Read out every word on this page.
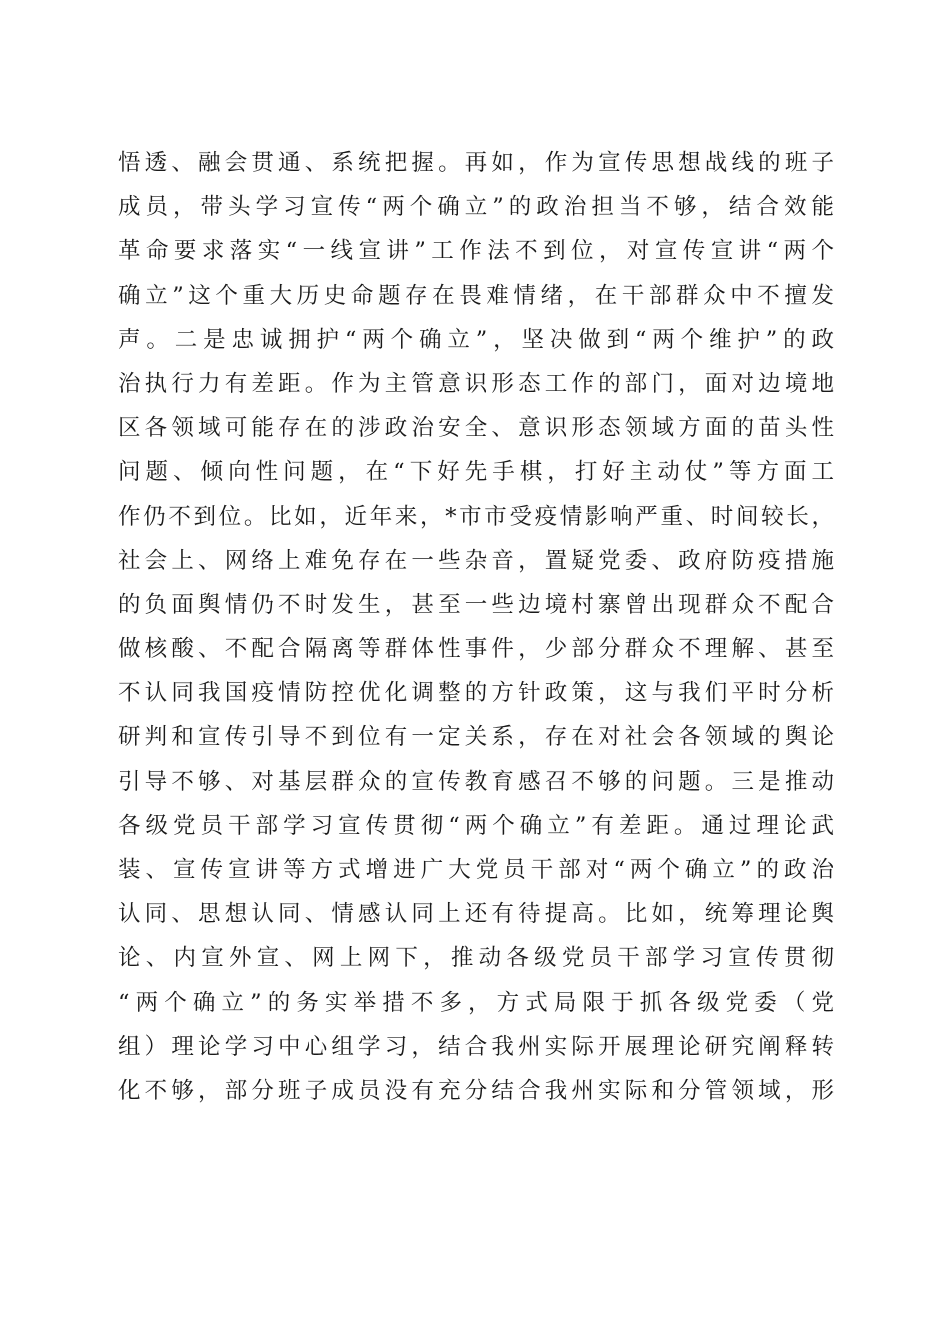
悟透、融会贯通、系统把握。再如，作为宣传思想战线的班子
成员，带头学习宣传“两个确立”的政治担当不够，结合效能
革命要求落实“一线宣讲”工作法不到位，对宣传宣讲“两个
确立”这个重大历史命题存在畏难情绪，在干部群众中不擅发
声。二是忠诚拥护“两个确立”，坚决做到“两个维护”的政
治执行力有差距。作为主管意识形态工作的部门，面对边境地
区各领域可能存在的涉政治安全、意识形态领域方面的苗头性
问题、倾向性问题，在“下好先手棋，打好主动仗”等方面工
作仍不到位。比如，近年来，*市市受疫情影响严重、时间较长，
社会上、网络上难免存在一些杂音，置疑党委、政府防疫措施
的负面舆情仍不时发生，甚至一些边境村寨曾出现群众不配合
做核酸、不配合隔离等群体性事件，少部分群众不理解、甚至
不认同我国疫情防控优化调整的方针政策，这与我们平时分析
研判和宣传引导不到位有一定关系，存在对社会各领域的舆论
引导不够、对基层群众的宣传教育感召不够的问题。三是推动
各级党员干部学习宣传贯彻“两个确立”有差距。通过理论武
装、宣传宣讲等方式增进广大党员干部对“两个确立”的政治
认同、思想认同、情感认同上还有待提高。比如，统筹理论舆
论、内宣外宣、网上网下，推动各级党员干部学习宣传贯彻
“两个确立”的务实举措不多，方式局限于抓各级党委（党
组）理论学习中心组学习，结合我州实际开展理论研究阐释转
化不够，部分班子成员没有充分结合我州实际和分管领域，形
